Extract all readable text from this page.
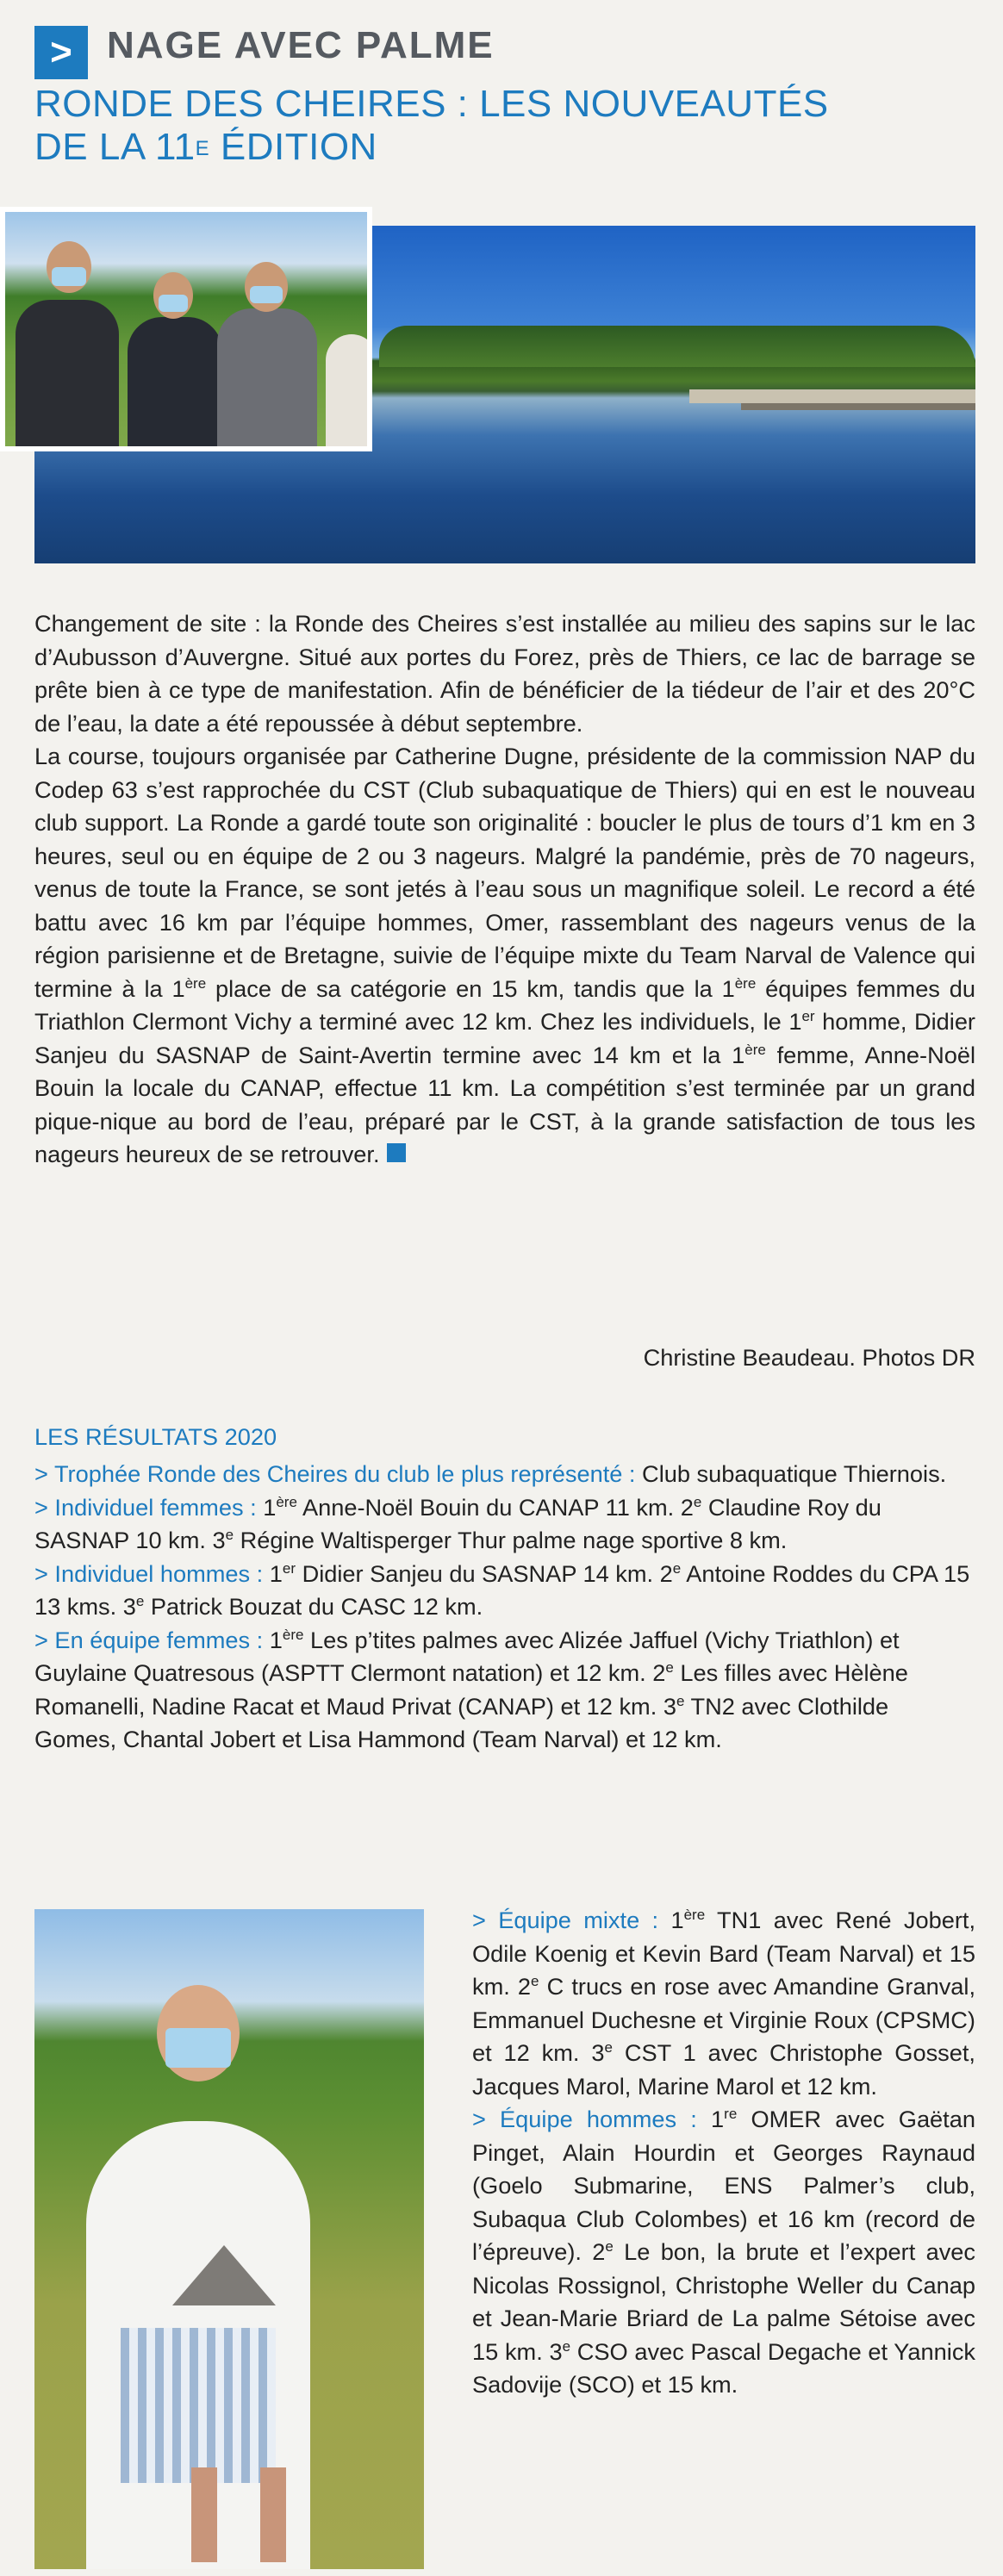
> NAGE AVEC PALME
RONDE DES CHEIRES : LES NOUVEAUTÉS
DE LA $11^E$ ÉDITION

Changement de site : la Ronde des Cheires s’est installée au milieu des sapins sur le lac d’Aubusson d’Auvergne. Situé aux portes du Forez, près de Thiers, ce lac de barrage se prête bien à ce type de manifestation. Afin de bénéficier de la tiédeur de l’air et des 20°C de l’eau, la date a été repoussée à début septembre.

La course, toujours organisée par Catherine Dugne, présidente de la commission NAP du Codep 63 s’est rapprochée du CST (Club subaquatique de Thiers) qui en est le nouveau club support. La Ronde a gardé toute son originalité : boucler le plus de tours d’1 km en 3 heures, seul ou en équipe de 2 ou 3 nageurs. Malgré la pandémie, près de 70 nageurs, venus de toute la France, se sont jetés à l’eau sous un magnifique soleil. Le record a été battu avec 16 km par l’équipe hommes, Omer, rassemblant des nageurs venus de la région parisienne et de Bretagne, suivie de l’équipe mixte du Team Narval de Valence qui termine à la 1ère place de sa catégorie en 15 km, tandis que la 1ère équipes femmes du Triathlon Clermont Vichy a terminé avec 12 km. Chez les individuels, le 1er homme, Didier Sanjeu du SASNAP de Saint-Avertin termine avec 14 km et la 1ère femme, Anne-Noël Bouin la locale du CANAP, effectue 11 km. La compétition s’est terminée par un grand pique-nique au bord de l’eau, préparé par le CST, à la grande satisfaction de tous les nageurs heureux de se retrouver.

Christine Beaudeau. Photos DR
LES RÉSULTATS 2020

> Trophée Ronde des Cheires du club le plus représenté : Club subaquatique Thiernois.

> Individuel femmes : 1ère Anne-Noël Bouin du CANAP 11 km. 2e Claudine Roy du SASNAP 10 km. 3e Régine Waltisperger Thur palme nage sportive 8 km.

> Individuel hommes : 1er Didier Sanjeu du SASNAP 14 km. 2e Antoine Roddes du CPA 15 13 kms. 3e Patrick Bouzat du CASC 12 km.

> En équipe femmes : 1ère Les p’tites palmes avec Alizée Jaffuel (Vichy Triathlon) et Guylaine Quatresous (ASPTT Clermont natation) et 12 km. 2e Les filles avec Hèlène Romanelli, Nadine Racat et Maud Privat (CANAP) et 12 km. 3e TN2 avec Clothilde Gomes, Chantal Jobert et Lisa Hammond (Team Narval) et 12 km.

> Équipe mixte : 1ère TN1 avec René Jobert, Odile Koenig et Kevin Bard (Team Narval) et 15 km. 2e C trucs en rose avec Amandine Granval, Emmanuel Duchesne et Virginie Roux (CPSMC) et 12 km. 3e CST 1 avec Christophe Gosset, Jacques Marol, Marine Marol et 12 km.

> Équipe hommes : 1re OMER avec Gaëtan Pinget, Alain Hourdin et Georges Raynaud (Goelo Submarine, ENS Palmer’s club, Subaqua Club Colombes) et 16 km (record de l’épreuve). 2e Le bon, la brute et l’expert avec Nicolas Rossignol, Christophe Weller du Canap et Jean-Marie Briard de La palme Sétoise avec 15 km. 3e CSO avec Pascal Degache et Yannick Sadovije (SCO) et 15 km.
